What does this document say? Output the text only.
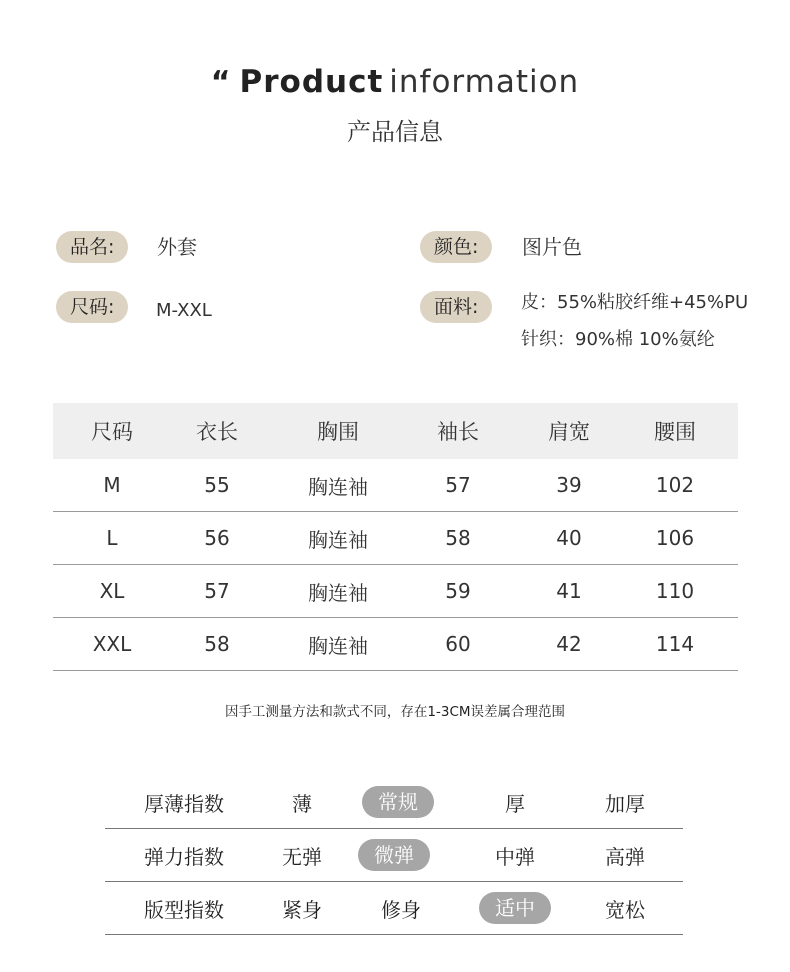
“ Product information
产品信息
品名:	外套	颜色:	图片色
尺码:	M-XXL	面料:	皮：55%粘胶纤维+45%PU
针织：90%棉 10%氨纶
尺码	衣长	胸围	袖长	肩宽	腰围
M	55	胸连袖	57	39	102
L	56	胸连袖	58	40	106
XL	57	胸连袖	59	41	110
XXL	58	胸连袖	60	42	114
因手工测量方法和款式不同，存在1-3CM误差属合理范围
厚薄指数	薄	常规	厚	加厚
弹力指数	无弹	微弹	中弹	高弹
版型指数	紧身	修身	适中	宽松
